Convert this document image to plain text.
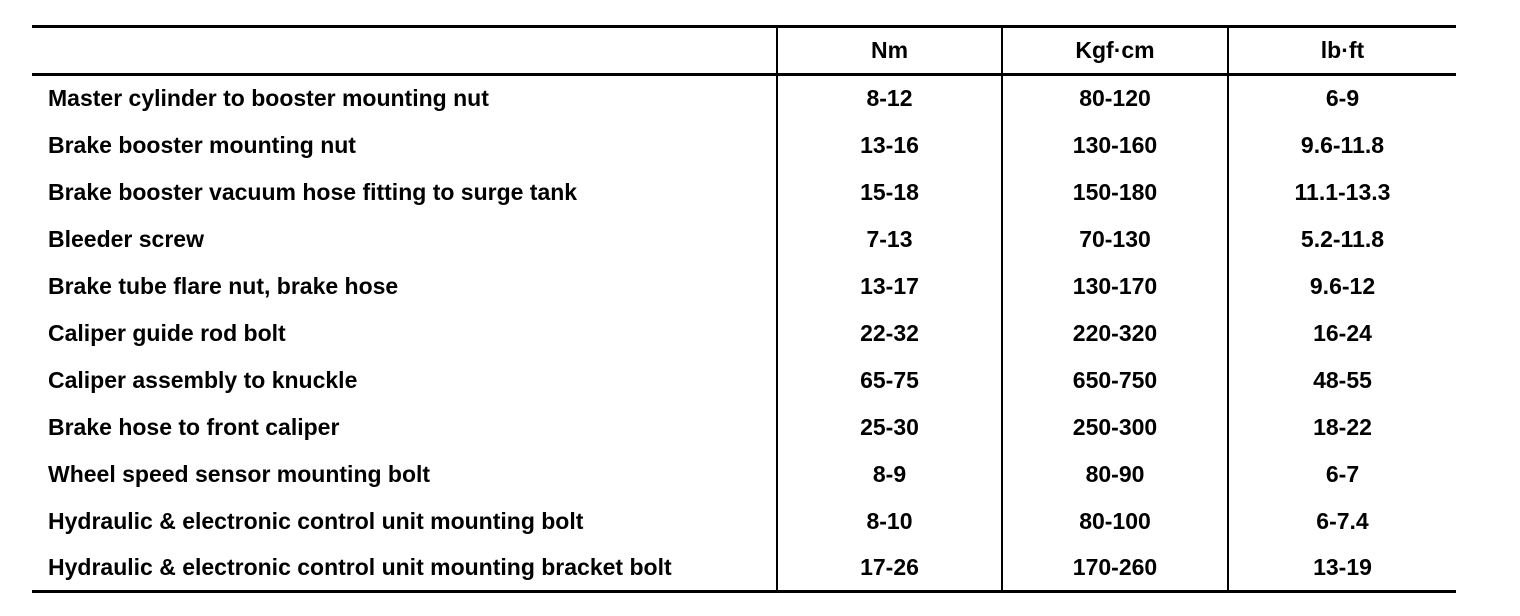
	Nm	Kgf·cm	lb·ft
Master cylinder to booster mounting nut	8-12	80-120	6-9
Brake booster mounting nut	13-16	130-160	9.6-11.8
Brake booster vacuum hose fitting to surge tank	15-18	150-180	11.1-13.3
Bleeder screw	7-13	70-130	5.2-11.8
Brake tube flare nut, brake hose	13-17	130-170	9.6-12
Caliper guide rod bolt	22-32	220-320	16-24
Caliper assembly to knuckle	65-75	650-750	48-55
Brake hose to front caliper	25-30	250-300	18-22
Wheel speed sensor mounting bolt	8-9	80-90	6-7
Hydraulic & electronic control unit mounting bolt	8-10	80-100	6-7.4
Hydraulic & electronic control unit mounting bracket bolt	17-26	170-260	13-19
